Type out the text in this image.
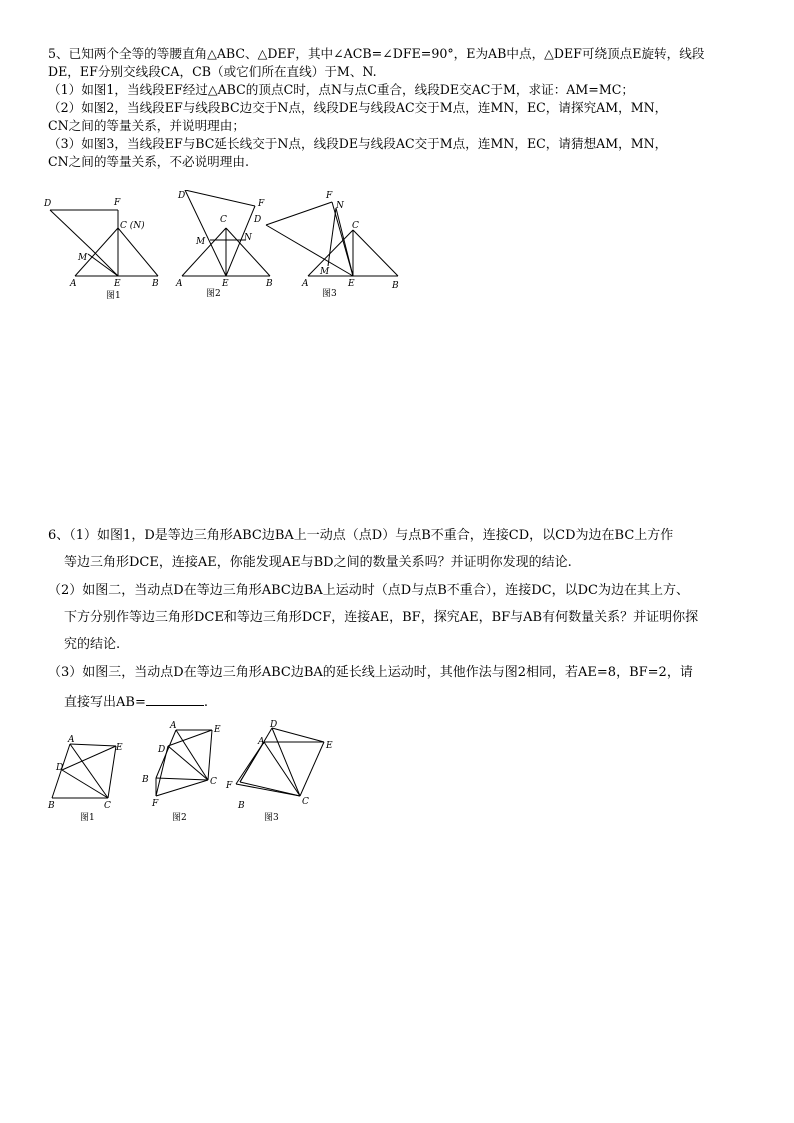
5、已知两个全等的等腰直角△ABC、△DEF，其中∠ACB=∠DFE=90°，E为AB中点，△DEF可绕顶点E旋转，线段
DE，EF分别交线段CA，CB（或它们所在直线）于M、N.
（1）如图1，当线段EF经过△ABC的顶点C时，点N与点C重合，线段DE交AC于M，求证：AM=MC；
（2）如图2，当线段EF与线段BC边交于N点，线段DE与线段AC交于M点，连MN，EC，请探究AM，MN，
CN之间的等量关系，并说明理由；
（3）如图3，当线段EF与BC延长线交于N点，线段DE与线段AC交于M点，连MN，EC，请猜想AM，MN，
CN之间的等量关系，不必说明理由.
D	F
C (N)
M
A	E	B
图1
D
F
C
M	N
A	E	B
图2
F
N
D
C
M
A	E	B
图3
6、（1）如图1，D是等边三角形ABC边BA上一动点（点D）与点B不重合，连接CD，以CD为边在BC上方作
等边三角形DCE，连接AE，你能发现AE与BD之间的数量关系吗？并证明你发现的结论.
（2）如图二，当动点D在等边三角形ABC边BA上运动时（点D与点B不重合），连接DC，以DC为边在其上方、
下方分别作等边三角形DCE和等边三角形DCF，连接AE，BF，探究AE，BF与AB有何数量关系？并证明你探
究的结论.
（3）如图三，当动点D在等边三角形ABC边BA的延长线上运动时，其他作法与图2相同，若AE=8，BF=2，请
直接写出AB=	.
A
E
D
B	C
图1
A
D
E
B	C
F
图2
D
A	E
F
B	C
图3
